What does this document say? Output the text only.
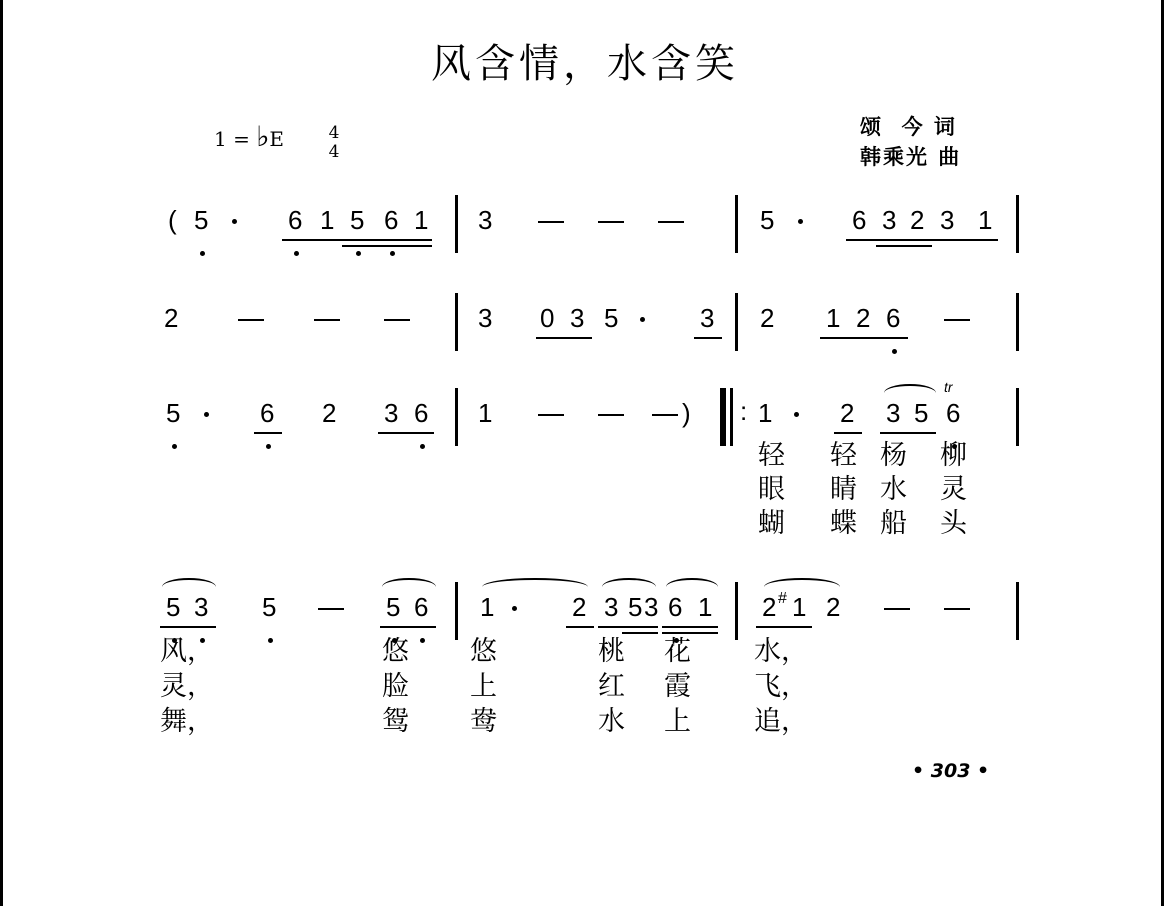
风含情，水含笑
1 = ♭E	4
4
颂  今 词
韩乘光 曲
( 5	6 1 5 6 1 3	5	6 3 2 3 1
2	3 0 3 5	3 2 1 2 6
5	6 2 3 6 1	) : 1	2 3 5 6
tr
轻 轻 杨 柳
眼 睛 水 灵
蝴 蝶 船 头
5 3 5	5 6 1	2 3 5 3 6 1 2 # 1 2
风，	悠 悠	桃 花 水，
灵，	脸 上	红 霞 飞，
舞，	鸳 鸯	水 上 追，
• 303 •
